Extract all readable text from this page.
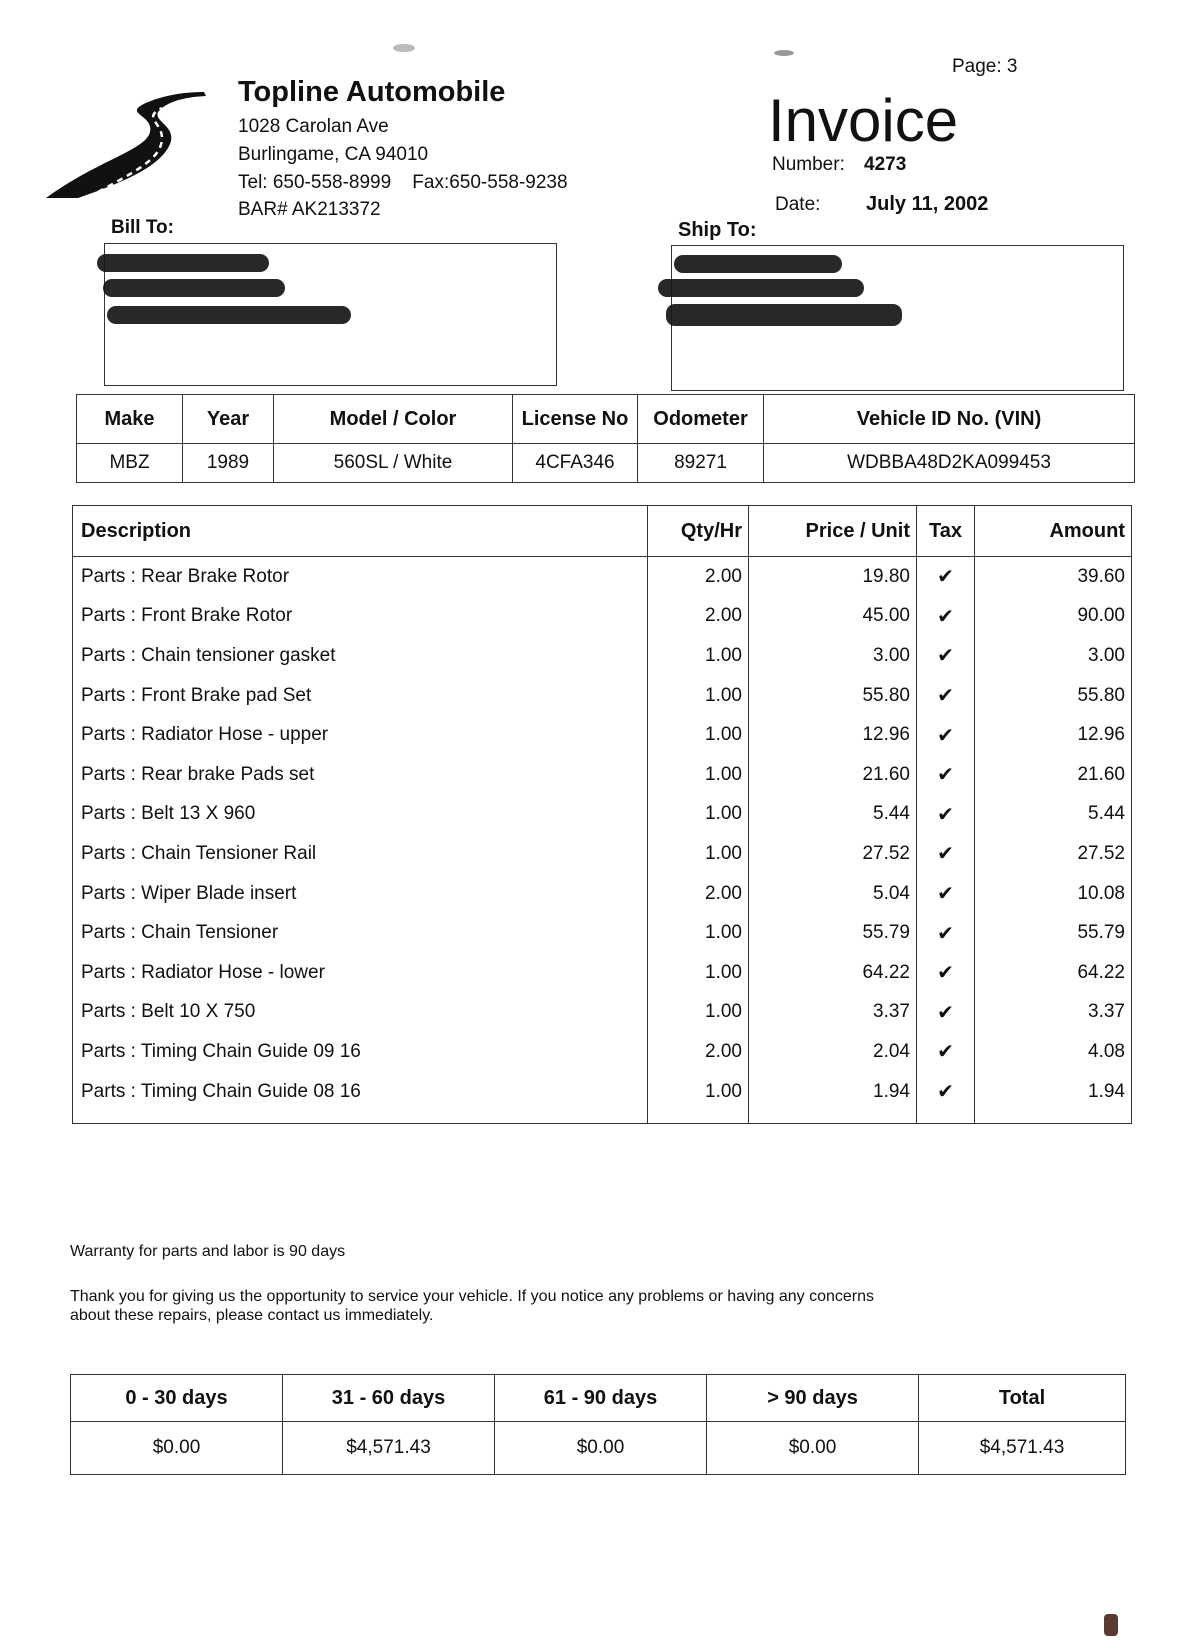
Topline Automobile
1028 Carolan Ave
Burlingame, CA 94010
Tel: 650-558-8999    Fax:650-558-9238
BAR# AK213372
Page: 3
Invoice
Number: 4273
Date: July 11, 2002
Bill To:	Ship To:
Make	Year	Model / Color	License No	Odometer	Vehicle ID No. (VIN)
MBZ	1989	560SL / White	4CFA346	89271	WDBBA48D2KA099453
Description	Qty/Hr	Price / Unit	Tax	Amount
Parts : Rear Brake Rotor	2.00	19.80	✔	39.60
Parts : Front Brake Rotor	2.00	45.00	✔	90.00
Parts : Chain tensioner gasket	1.00	3.00	✔	3.00
Parts : Front Brake pad Set	1.00	55.80	✔	55.80
Parts : Radiator Hose - upper	1.00	12.96	✔	12.96
Parts : Rear brake Pads set	1.00	21.60	✔	21.60
Parts : Belt 13 X 960	1.00	5.44	✔	5.44
Parts : Chain Tensioner Rail	1.00	27.52	✔	27.52
Parts : Wiper Blade insert	2.00	5.04	✔	10.08
Parts : Chain Tensioner	1.00	55.79	✔	55.79
Parts : Radiator Hose - lower	1.00	64.22	✔	64.22
Parts : Belt 10 X 750	1.00	3.37	✔	3.37
Parts : Timing Chain Guide 09 16	2.00	2.04	✔	4.08
Parts : Timing Chain Guide 08 16	1.00	1.94	✔	1.94
Warranty for parts and labor is 90 days
Thank you for giving us the opportunity to service your vehicle. If you notice any problems or having any concerns about these repairs, please contact us immediately.
0 - 30 days	31 - 60 days	61 - 90 days	> 90 days	Total
$0.00	$4,571.43	$0.00	$0.00	$4,571.43
